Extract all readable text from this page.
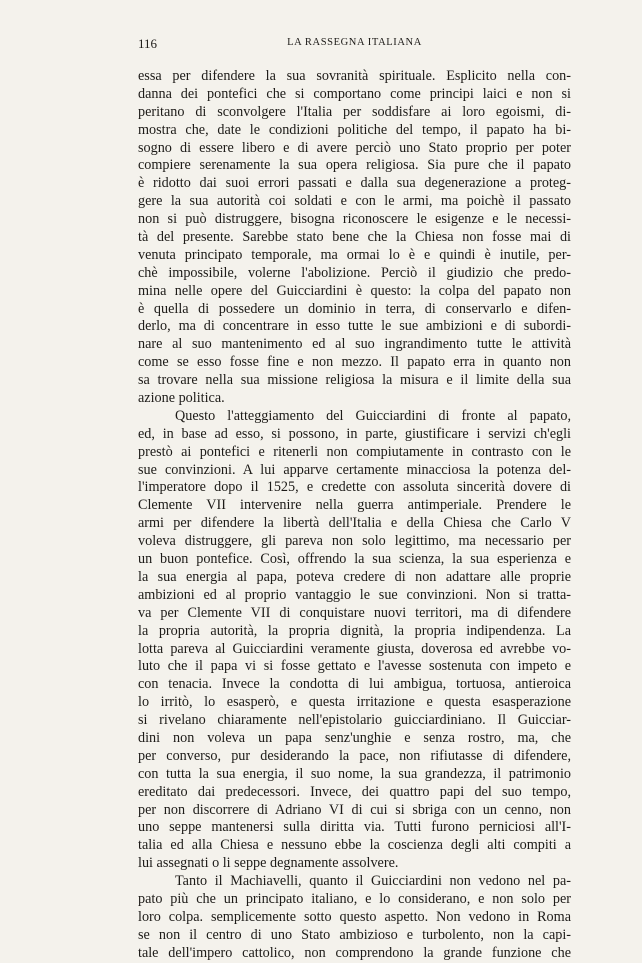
116	LA RASSEGNA ITALIANA
essa per difendere la sua sovranità spirituale. Esplicito nella con-
danna dei pontefici che si comportano come principi laici e non si
peritano di sconvolgere l'Italia per soddisfare ai loro egoismi, di-
mostra che, date le condizioni politiche del tempo, il papato ha bi-
sogno di essere libero e di avere perciò uno Stato proprio per poter
compiere serenamente la sua opera religiosa. Sia pure che il papato
è ridotto dai suoi errori passati e dalla sua degenerazione a proteg-
gere la sua autorità coi soldati e con le armi, ma poichè il passato
non si può distruggere, bisogna riconoscere le esigenze e le necessi-
tà del presente. Sarebbe stato bene che la Chiesa non fosse mai di
venuta principato temporale, ma ormai lo è e quindi è inutile, per-
chè impossibile, volerne l'abolizione. Perciò il giudizio che predo-
mina nelle opere del Guicciardini è questo: la colpa del papato non
è quella di possedere un dominio in terra, di conservarlo e difen-
derlo, ma di concentrare in esso tutte le sue ambizioni e di subordi-
nare al suo mantenimento ed al suo ingrandimento tutte le attività
come se esso fosse fine e non mezzo. Il papato erra in quanto non
sa trovare nella sua missione religiosa la misura e il limite della sua
azione politica.
Questo l'atteggiamento del Guicciardini di fronte al papato,
ed, in base ad esso, si possono, in parte, giustificare i servizi ch'egli
prestò ai pontefici e ritenerli non compiutamente in contrasto con le
sue convinzioni. A lui apparve certamente minacciosa la potenza del-
l'imperatore dopo il 1525, e credette con assoluta sincerità dovere di
Clemente VII intervenire nella guerra antimperiale. Prendere le
armi per difendere la libertà dell'Italia e della Chiesa che Carlo V
voleva distruggere, gli pareva non solo legittimo, ma necessario per
un buon pontefice. Così, offrendo la sua scienza, la sua esperienza e
la sua energia al papa, poteva credere di non adattare alle proprie
ambizioni ed al proprio vantaggio le sue convinzioni. Non si tratta-
va per Clemente VII di conquistare nuovi territori, ma di difendere
la propria autorità, la propria dignità, la propria indipendenza. La
lotta pareva al Guicciardini veramente giusta, doverosa ed avrebbe vo-
luto che il papa vi si fosse gettato e l'avesse sostenuta con impeto e
con tenacia. Invece la condotta di lui ambigua, tortuosa, antieroica
lo irritò, lo esasperò, e questa irritazione e questa esasperazione
si rivelano chiaramente nell'epistolario guicciardiniano. Il Guicciar-
dini non voleva un papa senz'unghie e senza rostro, ma, che
per converso, pur desiderando la pace, non rifiutasse di difendere,
con tutta la sua energia, il suo nome, la sua grandezza, il patrimonio
ereditato dai predecessori. Invece, dei quattro papi del suo tempo,
per non discorrere di Adriano VI di cui si sbriga con un cenno, non
uno seppe mantenersi sulla diritta via. Tutti furono perniciosi all'I-
talia ed alla Chiesa e nessuno ebbe la coscienza degli alti compiti a
lui assegnati o li seppe degnamente assolvere.
Tanto il Machiavelli, quanto il Guicciardini non vedono nel pa-
pato più che un principato italiano, e lo considerano, e non solo per
loro colpa. semplicemente sotto questo aspetto. Non vedono in Roma
se non il centro di uno Stato ambizioso e turbolento, non la capi-
tale dell'impero cattolico, non comprendono la grande funzione che
